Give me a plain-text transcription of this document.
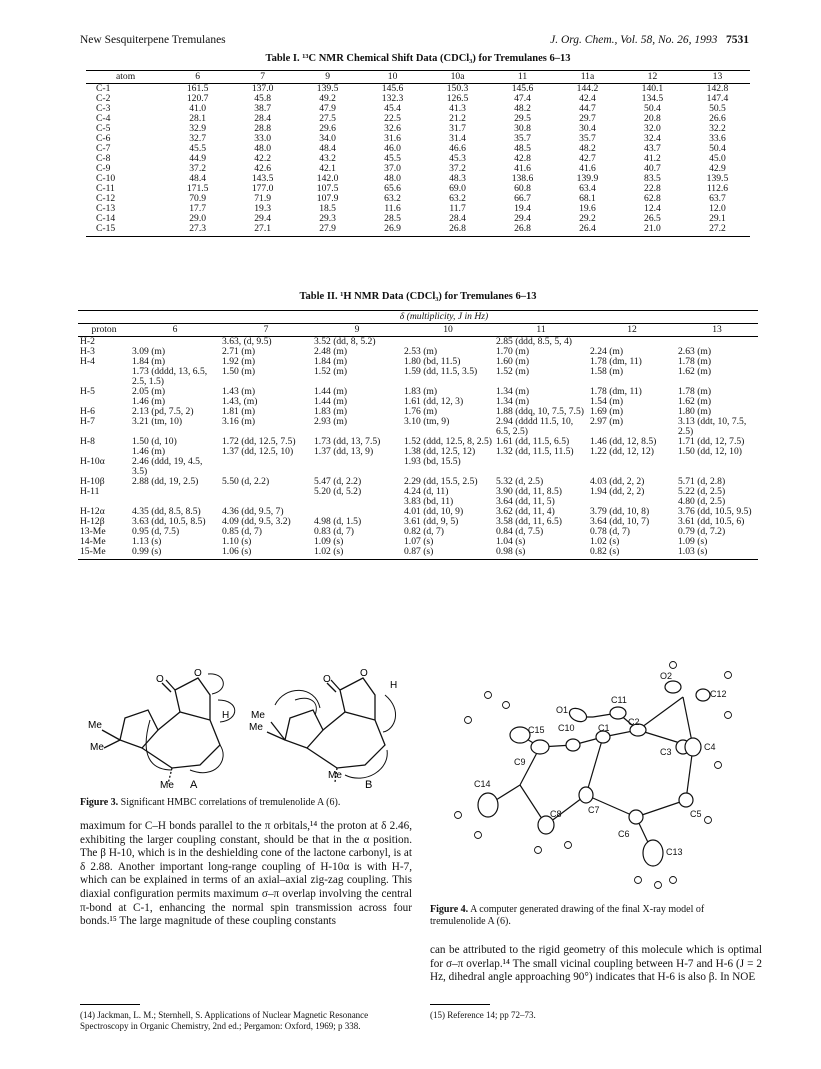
New Sesquiterpene Tremulanes	J. Org. Chem., Vol. 58, No. 26, 1993 7531
Table I. ¹³C NMR Chemical Shift Data (CDCl₃) for Tremulanes 6–13
atom	6	7	9	10	10a	11	11a	12	13
C-1	161.5	137.0	139.5	145.6	150.3	145.6	144.2	140.1	142.8
C-2	120.7	45.8	49.2	132.3	126.5	47.4	42.4	134.5	147.4
C-3	41.0	38.7	47.9	45.4	41.3	48.2	44.7	50.4	50.5
C-4	28.1	28.4	27.5	22.5	21.2	29.5	29.7	20.8	26.6
C-5	32.9	28.8	29.6	32.6	31.7	30.8	30.4	32.0	32.2
C-6	32.7	33.0	34.0	31.6	31.4	35.7	35.7	32.4	33.6
C-7	45.5	48.0	48.4	46.0	46.6	48.5	48.2	43.7	50.4
C-8	44.9	42.2	43.2	45.5	45.3	42.8	42.7	41.2	45.0
C-9	37.2	42.6	42.1	37.0	37.2	41.6	41.6	40.7	42.9
C-10	48.4	143.5	142.0	48.0	48.3	138.6	139.9	83.5	139.5
C-11	171.5	177.0	107.5	65.6	69.0	60.8	63.4	22.8	112.6
C-12	70.9	71.9	107.9	63.2	63.2	66.7	68.1	62.8	63.7
C-13	17.7	19.3	18.5	11.6	11.7	19.4	19.6	12.4	12.0
C-14	29.0	29.4	29.3	28.5	28.4	29.4	29.2	26.5	29.1
C-15	27.3	27.1	27.9	26.9	26.8	26.8	26.4	21.0	27.2
Table II. ¹H NMR Data (CDCl₃) for Tremulanes 6–13
	δ (multiplicity, J in Hz)						
proton	6	7	9	10	11	12	13
H-2		3.63, (d, 9.5)	3.52 (dd, 8, 5.2)		2.85 (ddd, 8.5, 5, 4)		
H-3	3.09 (m)	2.71 (m)	2.48 (m)	2.53 (m)	1.70 (m)	2.24 (m)	2.63 (m)
H-4	1.84 (m)	1.92 (m)	1.84 (m)	1.80 (bd, 11.5)	1.60 (m)	1.78 (dm, 11)	1.78 (m)
	1.73 (dddd, 13, 6.5, 2.5, 1.5)	1.50 (m)	1.52 (m)	1.59 (dd, 11.5, 3.5)	1.52 (m)	1.58 (m)	1.62 (m)
H-5	2.05 (m)	1.43 (m)	1.44 (m)	1.83 (m)	1.34 (m)	1.78 (dm, 11)	1.78 (m)
	1.46 (m)	1.43, (m)	1.44 (m)	1.61 (dd, 12, 3)	1.34 (m)	1.54 (m)	1.62 (m)
H-6	2.13 (pd, 7.5, 2)	1.81 (m)	1.83 (m)	1.76 (m)	1.88 (ddq, 10, 7.5, 7.5)	1.69 (m)	1.80 (m)
H-7	3.21 (tm, 10)	3.16 (m)	2.93 (m)	3.10 (tm, 9)	2.94 (dddd 11.5, 10, 6.5, 2.5)	2.97 (m)	3.13 (ddt, 10, 7.5, 2.5)
H-8	1.50 (d, 10)	1.72 (dd, 12.5, 7.5)	1.73 (dd, 13, 7.5)	1.52 (ddd, 12.5, 8, 2.5)	1.61 (dd, 11.5, 6.5)	1.46 (dd, 12, 8.5)	1.71 (dd, 12, 7.5)
	1.46 (m)	1.37 (dd, 12.5, 10)	1.37 (dd, 13, 9)	1.38 (dd, 12.5, 12)	1.32 (dd, 11.5, 11.5)	1.22 (dd, 12, 12)	1.50 (dd, 12, 10)
H-10α	2.46 (ddd, 19, 4.5, 3.5)			1.93 (bd, 15.5)			
H-10β	2.88 (dd, 19, 2.5)	5.50 (d, 2.2)	5.47 (d, 2.2)	2.29 (dd, 15.5, 2.5)	5.32 (d, 2.5)	4.03 (dd, 2, 2)	5.71 (d, 2.8)
H-11			5.20 (d, 5.2)	4.24 (d, 11)	3.90 (dd, 11, 8.5)	1.94 (dd, 2, 2)	5.22 (d, 2.5)
				3.83 (bd, 11)	3.64 (dd, 11, 5)		4.80 (d, 2.5)
H-12α	4.35 (dd, 8.5, 8.5)	4.36 (dd, 9.5, 7)		4.01 (dd, 10, 9)	3.62 (dd, 11, 4)	3.79 (dd, 10, 8)	3.76 (dd, 10.5, 9.5)
H-12β	3.63 (dd, 10.5, 8.5)	4.09 (dd, 9.5, 3.2)	4.98 (d, 1.5)	3.61 (dd, 9, 5)	3.58 (dd, 11, 6.5)	3.64 (dd, 10, 7)	3.61 (dd, 10.5, 6)
13-Me	0.95 (d, 7.5)	0.85 (d, 7)	0.83 (d, 7)	0.82 (d, 7)	0.84 (d, 7.5)	0.78 (d, 7)	0.79 (d, 7.2)
14-Me	1.13 (s)	1.10 (s)	1.09 (s)	1.07 (s)	1.04 (s)	1.02 (s)	1.09 (s)
15-Me	0.99 (s)	1.06 (s)	1.02 (s)	0.87 (s)	0.98 (s)	0.82 (s)	1.03 (s)
Me
Me
Me
O
O
H
A
Me
Me
Me
O
O
H
B
Figure 3. Significant HMBC correlations of tremulenolide A (6).
O1
O2
C11
C12
C2
C1
C10
C15
C3	C4
C9
C7
C14
C8	C5
C6
C13
Figure 4. A computer generated drawing of the final X-ray model of tremulenolide A (6).
maximum for C–H bonds parallel to the π orbitals,¹⁴ the proton at δ 2.46, exhibiting the larger coupling constant, should be that in the α position. The β H-10, which is in the deshielding cone of the lactone carbonyl, is at δ 2.88. Another important long-range coupling of H-10α is with H-7, which can be explained in terms of an axial–axial zig-zag coupling. This diaxial configuration permits maximum σ–π overlap involving the central π-bond at C-1, enhancing the normal spin transmission across four bonds.¹⁵ The large magnitude of these coupling constants
can be attributed to the rigid geometry of this molecule which is optimal for σ–π overlap.¹⁴ The small vicinal coupling between H-7 and H-6 (J = 2 Hz, dihedral angle approaching 90°) indicates that H-6 is also β. In NOE
(14) Jackman, L. M.; Sternhell, S. Applications of Nuclear Magnetic Resonance Spectroscopy in Organic Chemistry, 2nd ed.; Pergamon: Oxford, 1969; p 338.
(15) Reference 14; pp 72–73.
